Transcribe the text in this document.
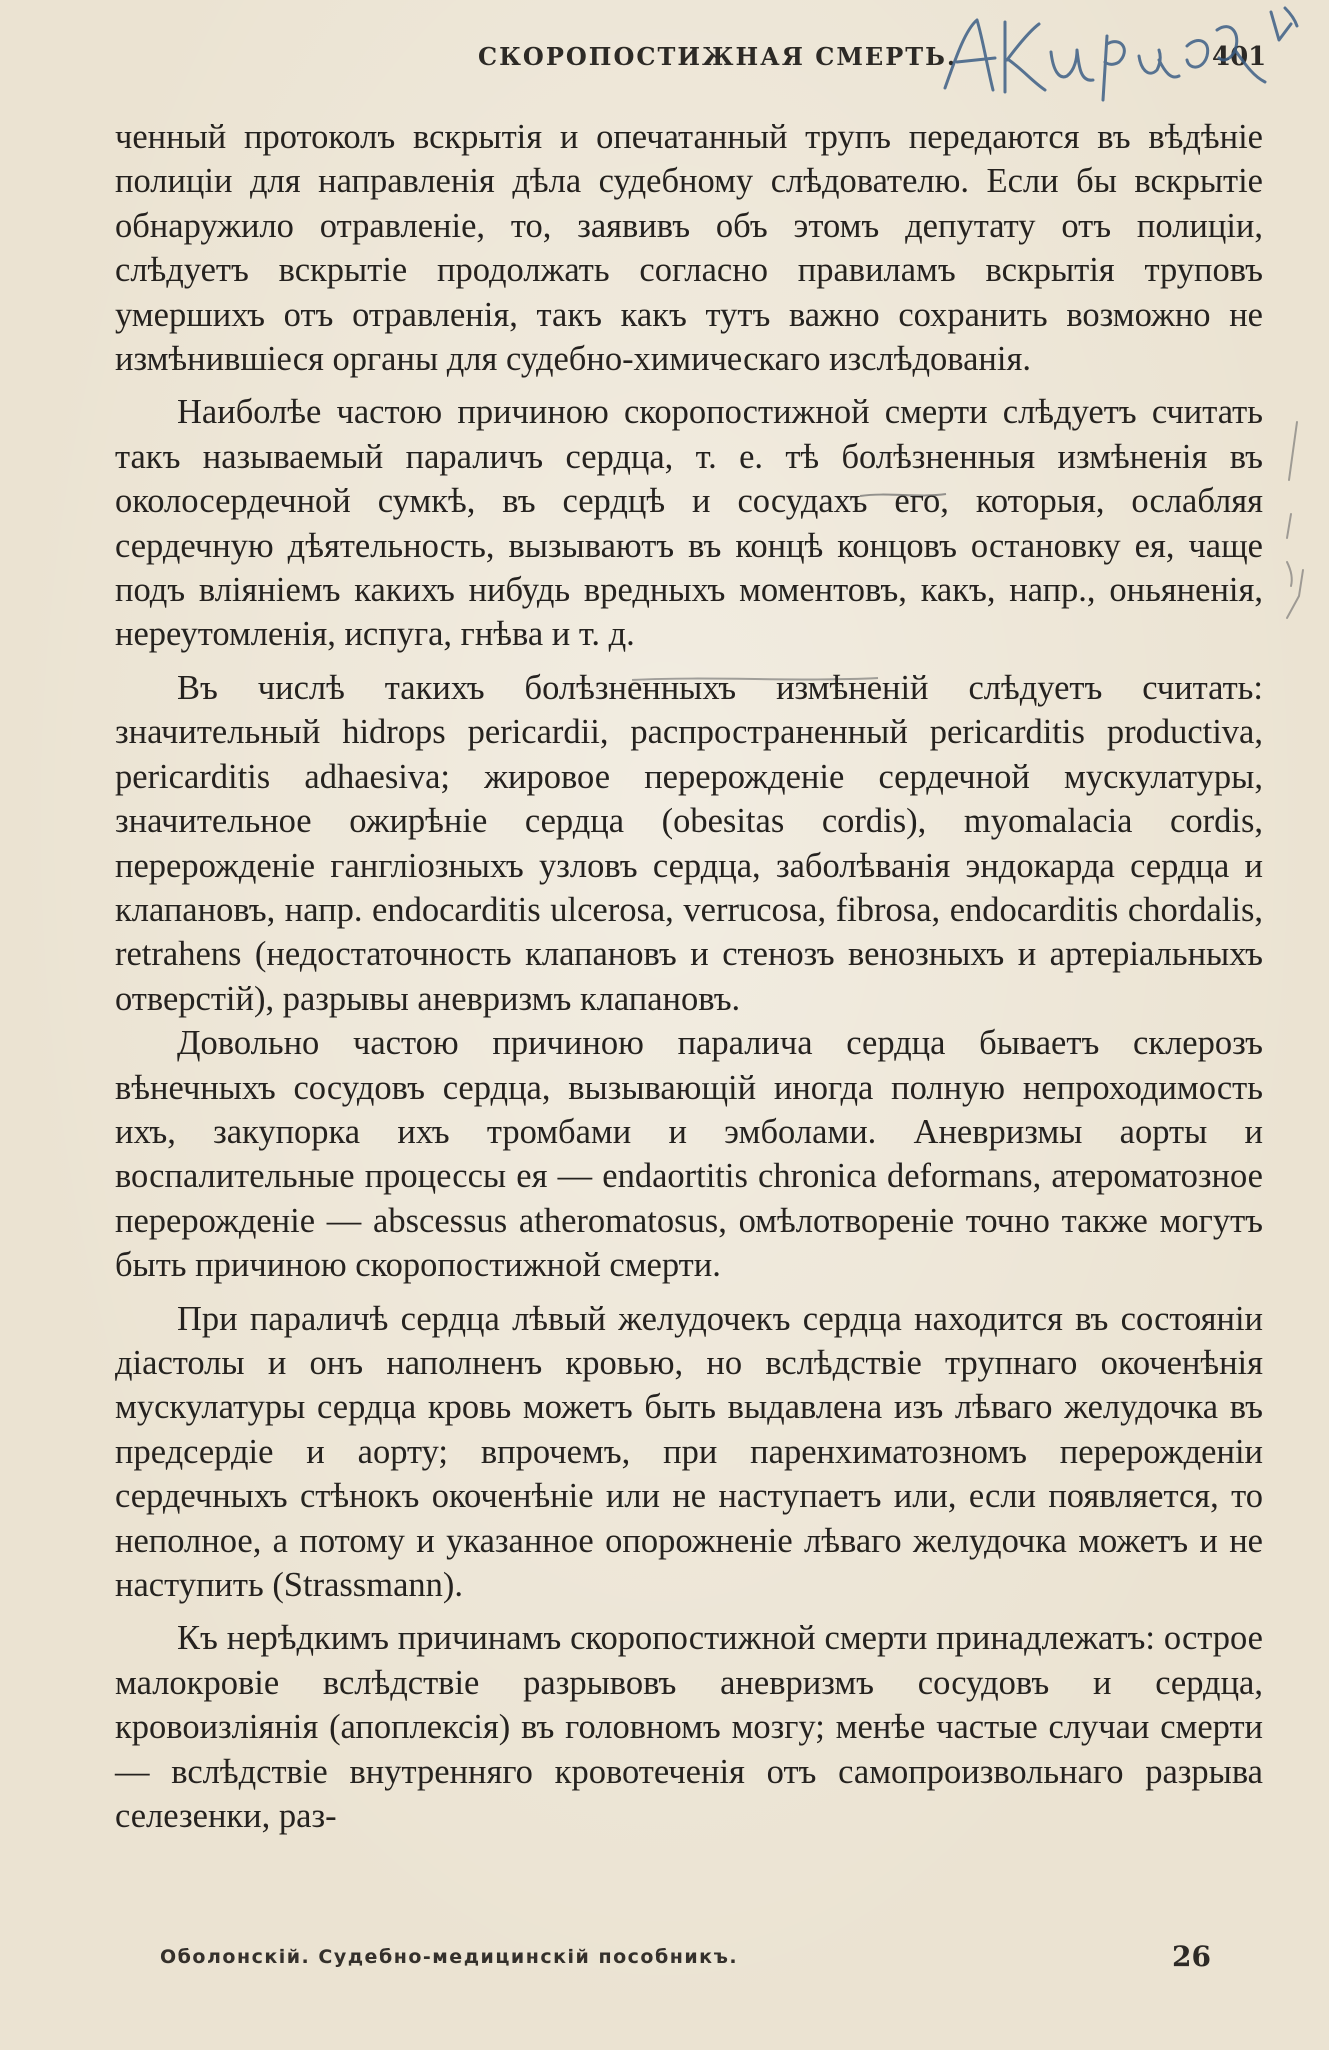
СКОРОПОСТИЖНАЯ СМЕРТЬ.	401

ченный протоколъ вскрытія и опечатанный трупъ передаются въ вѣдѣніе полиціи для направленія дѣла судебному слѣдователю. Если бы вскрытіе обнаружило отравленіе, то, заявивъ объ этомъ депутату отъ полиціи, слѣдуетъ вскрытіе продолжать согласно правиламъ вскрытія труповъ умершихъ отъ отравленія, такъ какъ тутъ важно сохранить возможно не измѣнившіеся органы для судебно-химическаго изслѣдованія.

Наиболѣе частою причиною скоропостижной смерти слѣдуетъ считать такъ называемый параличъ сердца, т. е. тѣ болѣзненныя измѣненія въ околосердечной сумкѣ, въ сердцѣ и сосудахъ его, которыя, ослабляя сердечную дѣятельность, вызываютъ въ концѣ концовъ остановку ея, чаще подъ вліяніемъ какихъ нибудь вредныхъ моментовъ, какъ, напр., оньяненія, нереутомленія, испуга, гнѣва и т. д.

Въ числѣ такихъ болѣзненныхъ измѣненій слѣдуетъ считать: значительный hidrops pericardii, распространенный pericarditis productiva, pericarditis adhaesiva; жировое перерожденіе сердечной мускулатуры, значительное ожирѣніе сердца (obesitas cordis), myomalacia cordis, перерожденіе ганглiозныхъ узловъ сердца, заболѣванія эндокарда сердца и клапановъ, напр. endocarditis ulcerosa, verrucosa, fibrosa, endocarditis chordalis, retrahens (недостаточность клапановъ и стенозъ венозныхъ и артеріальныхъ отверстій), разрывы аневризмъ клапановъ.

Довольно частою причиною паралича сердца бываетъ склерозъ вѣнечныхъ сосудовъ сердца, вызывающій иногда полную непроходимость ихъ, закупорка ихъ тромбами и эмболами. Аневризмы аорты и воспалительные процессы ея — endaortitis chronica deformans, атероматозное перерожденіе — abscessus atheromatosus, омѣлотвореніе точно также могутъ быть причиною скоропостижной смерти.

При параличѣ сердца лѣвый желудочекъ сердца находится въ состояніи діастолы и онъ наполненъ кровью, но вслѣдствіе трупнаго окоченѣнія мускулатуры сердца кровь можетъ быть выдавлена изъ лѣваго желудочка въ предсердіе и аорту; впрочемъ, при паренхиматозномъ перерожденіи сердечныхъ стѣнокъ окоченѣніе или не наступаетъ или, если появляется, то неполное, а потому и указанное опорожненіе лѣваго желудочка можетъ и не наступить (Strassmann).

Къ нерѣдкимъ причинамъ скоропостижной смерти принадлежатъ: острое малокровіе вслѣдствіе разрывовъ аневризмъ сосудовъ и сердца, кровоизліянія (апоплексія) въ головномъ мозгу; менѣе частые случаи смерти — вслѣдствіе внутренняго кровотеченія отъ самопроизвольнаго разрыва селезенки, раз-

Оболонскій. Судебно-медицинскій пособникъ.	26
